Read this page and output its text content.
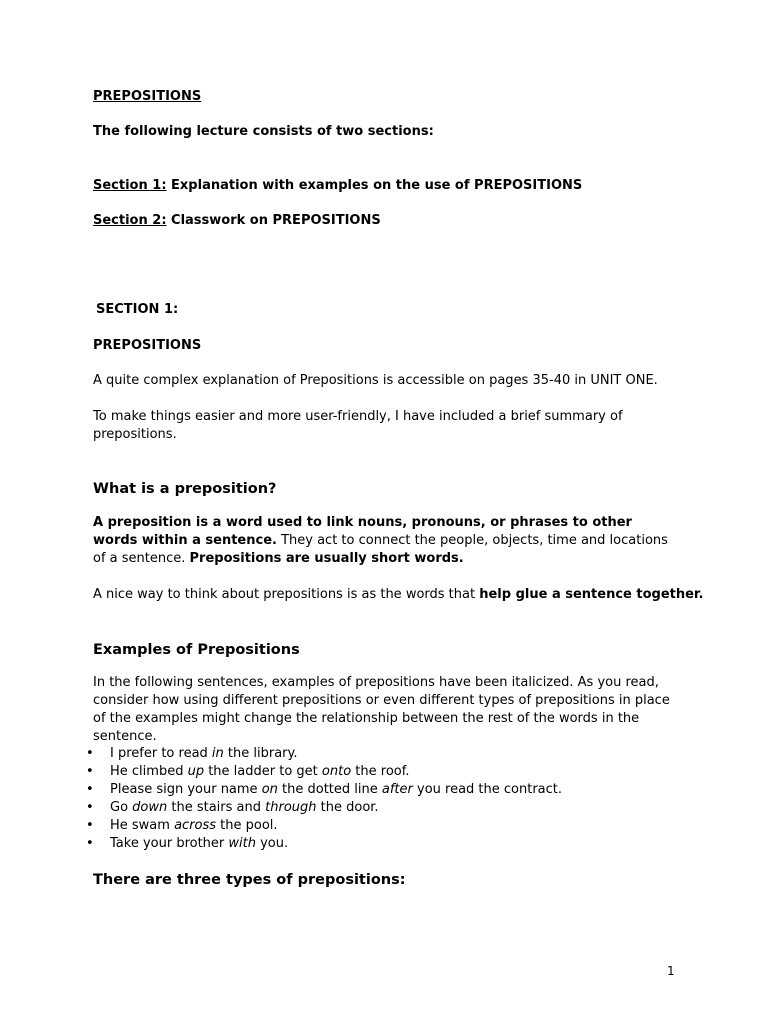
PREPOSITIONS
The following lecture consists of two sections:
Section 1: Explanation with examples on the use of PREPOSITIONS
Section 2: Classwork on PREPOSITIONS
SECTION 1:
PREPOSITIONS
A quite complex explanation of Prepositions is accessible on pages 35-40 in UNIT ONE.
To make things easier and more user-friendly, I have included a brief summary of prepositions.
What is a preposition?
A preposition is a word used to link nouns, pronouns, or phrases to other words within a sentence. They act to connect the people, objects, time and locations of a sentence. Prepositions are usually short words.
A nice way to think about prepositions is as the words that help glue a sentence together.
Examples of Prepositions
In the following sentences, examples of prepositions have been italicized. As you read, consider how using different prepositions or even different types of prepositions in place of the examples might change the relationship between the rest of the words in the sentence.
• I prefer to read in the library.
• He climbed up the ladder to get onto the roof.
• Please sign your name on the dotted line after you read the contract.
• Go down the stairs and through the door.
• He swam across the pool.
• Take your brother with you.
There are three types of prepositions:
1
